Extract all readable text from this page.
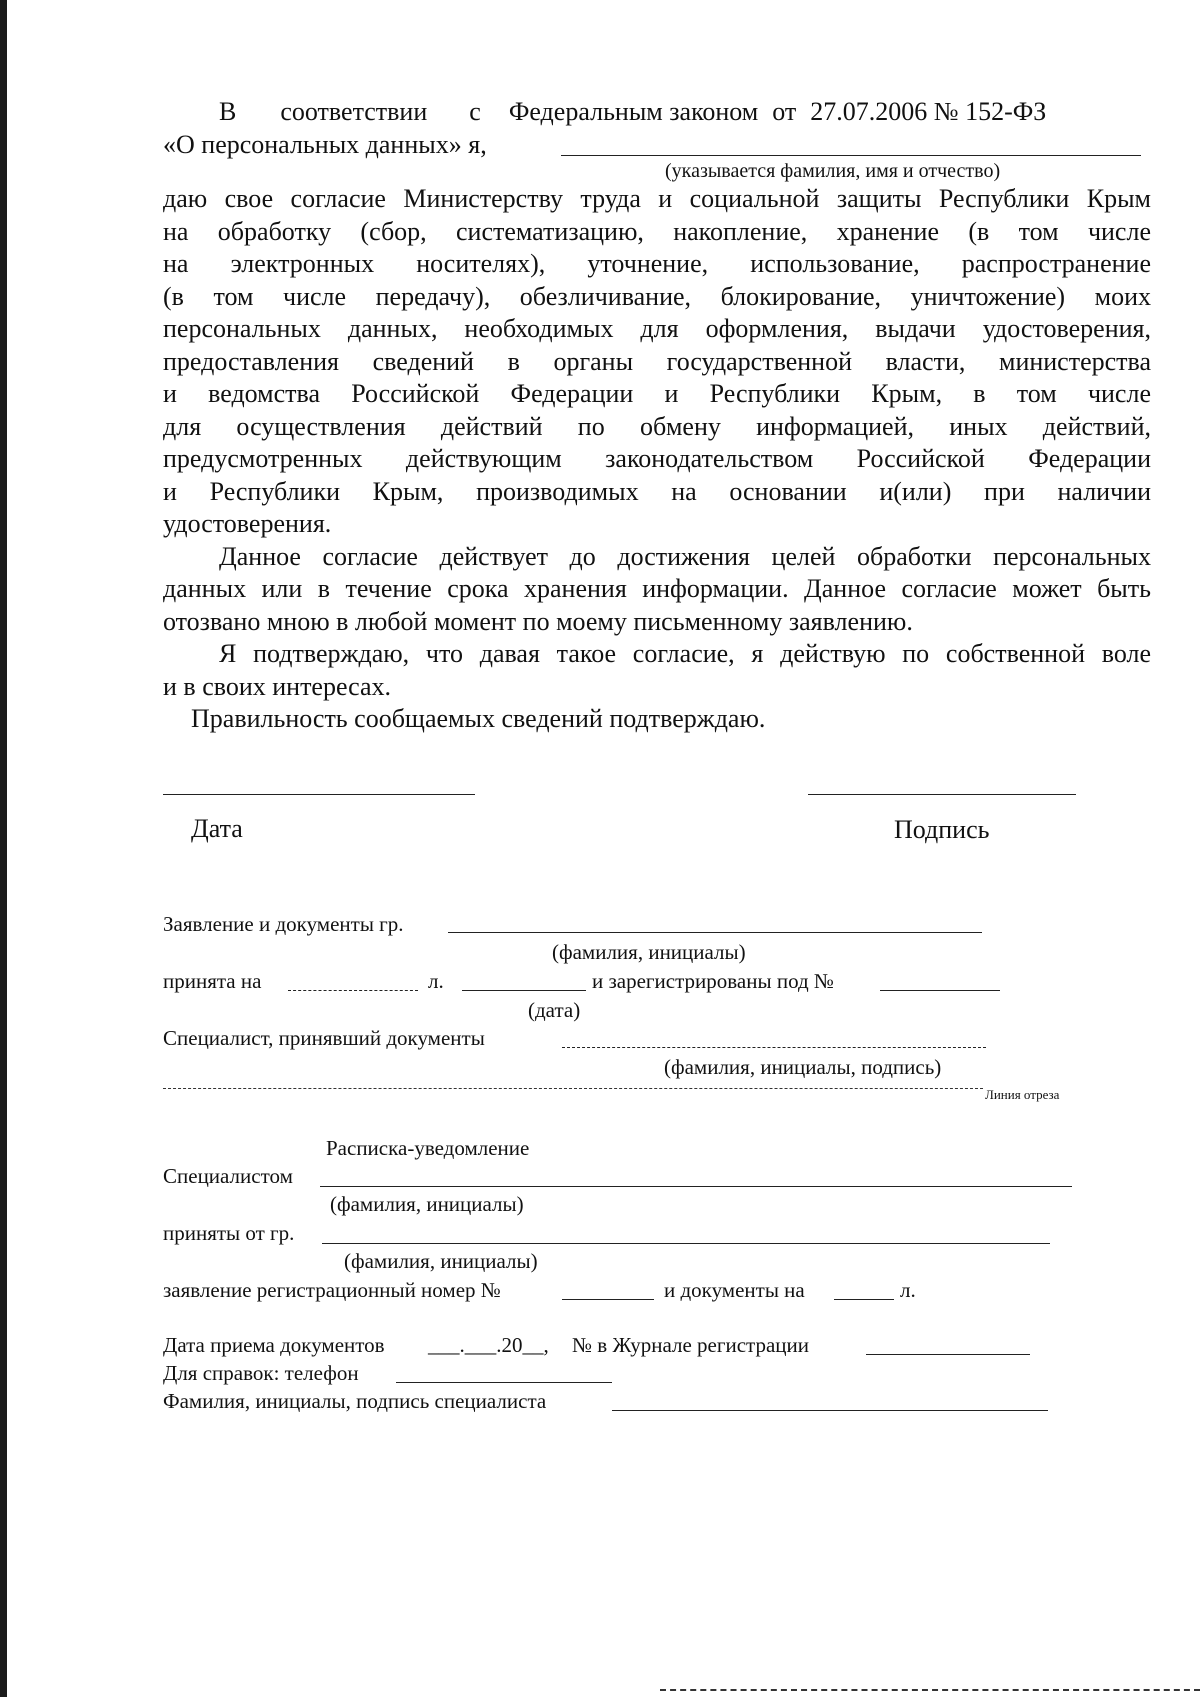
В соответствии с Федеральным законом от 27.07.2006 № 152-ФЗ
«О персональных данных» я,
(указывается фамилия, имя и отчество)

даю свое согласие Министерству труда и социальной защиты Республики Крым

на обработку (сбор, систематизацию, накопление, хранение (в том числе

на электронных носителях), уточнение, использование, распространение

(в том числе передачу), обезличивание, блокирование, уничтожение) моих

персональных данных, необходимых для оформления, выдачи удостоверения,

предоставления сведений в органы государственной власти, министерства

и ведомства Российской Федерации и Республики Крым, в том числе

для осуществления действий по обмену информацией, иных действий,

предусмотренных действующим законодательством Российской Федерации

и Республики Крым, производимых на основании и(или) при наличии

удостоверения.

Данное согласие действует до достижения целей обработки персональных

данных или в течение срока хранения информации. Данное согласие может быть

отозвано мною в любой момент по моему письменному заявлению.

Я подтверждаю, что давая такое согласие, я действую по собственной воле

и в своих интересах.

Правильность сообщаемых сведений подтверждаю.

Дата	Подпись
Заявление и документы гр.
(фамилия, инициалы)
принята на	л.	и зарегистрированы под №
(дата)
Специалист, принявший документы
(фамилия, инициалы, подпись)
Линия отреза
Расписка-уведомление
Специалистом
(фамилия, инициалы)
приняты от гр.
(фамилия, инициалы)
заявление регистрационный номер №	и документы на	л.
Дата приема документов ___.___.20__, № в Журнале регистрации
Для справок: телефон
Фамилия, инициалы, подпись специалиста
